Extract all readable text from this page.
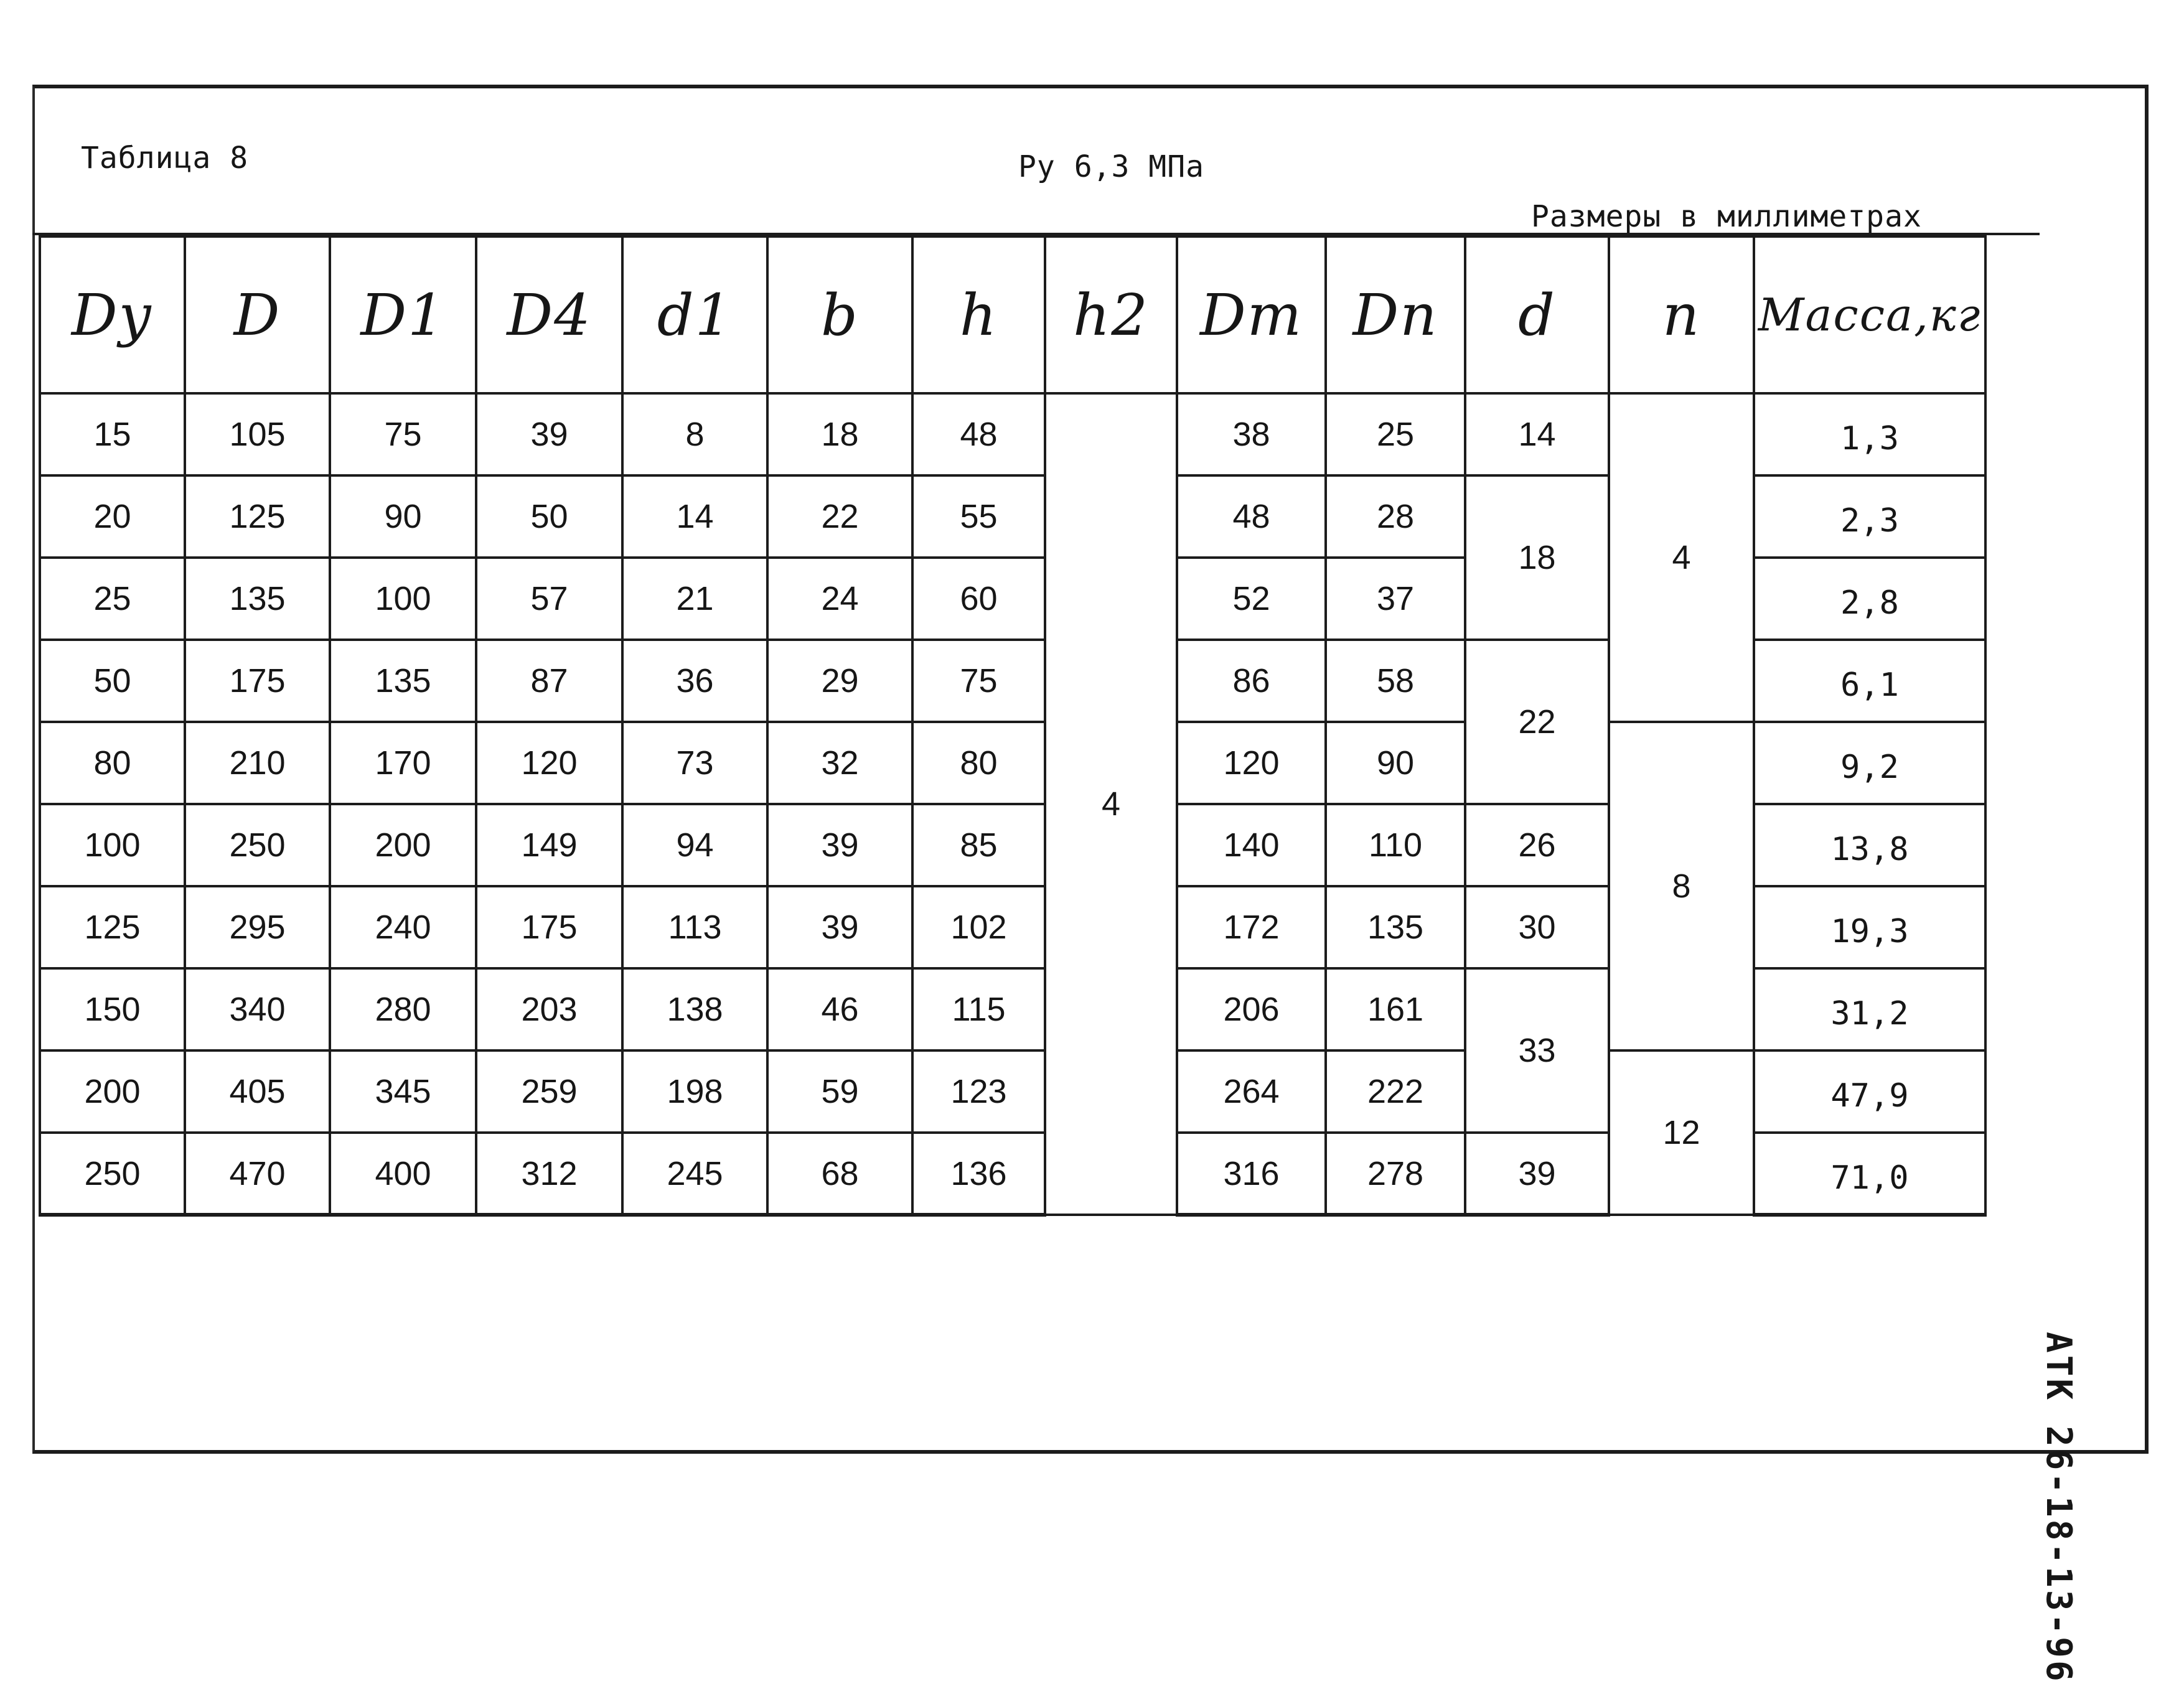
Таблица 8	Ру 6,3 МПа
Размеры в миллиметрах
Dу	D	D1	D4	d1	b	h	h2	Dm	Dn	d	n	Масса,кг
15	105	75	39	8	18	48	4	38	25	14	4	1,3
20	125	90	50	14	22	55		48	28	18		2,3
25	135	100	57	21	24	60		52	37			2,8
50	175	135	87	36	29	75		86	58	22		6,1
80	210	170	120	73	32	80		120	90		8	9,2
100	250	200	149	94	39	85		140	110	26		13,8
125	295	240	175	113	39	102		172	135	30		19,3
150	340	280	203	138	46	115		206	161	33		31,2
200	405	345	259	198	59	123		264	222		12	47,9
250	470	400	312	245	68	136		316	278	39		71,0
АТК 26-18-13-96
